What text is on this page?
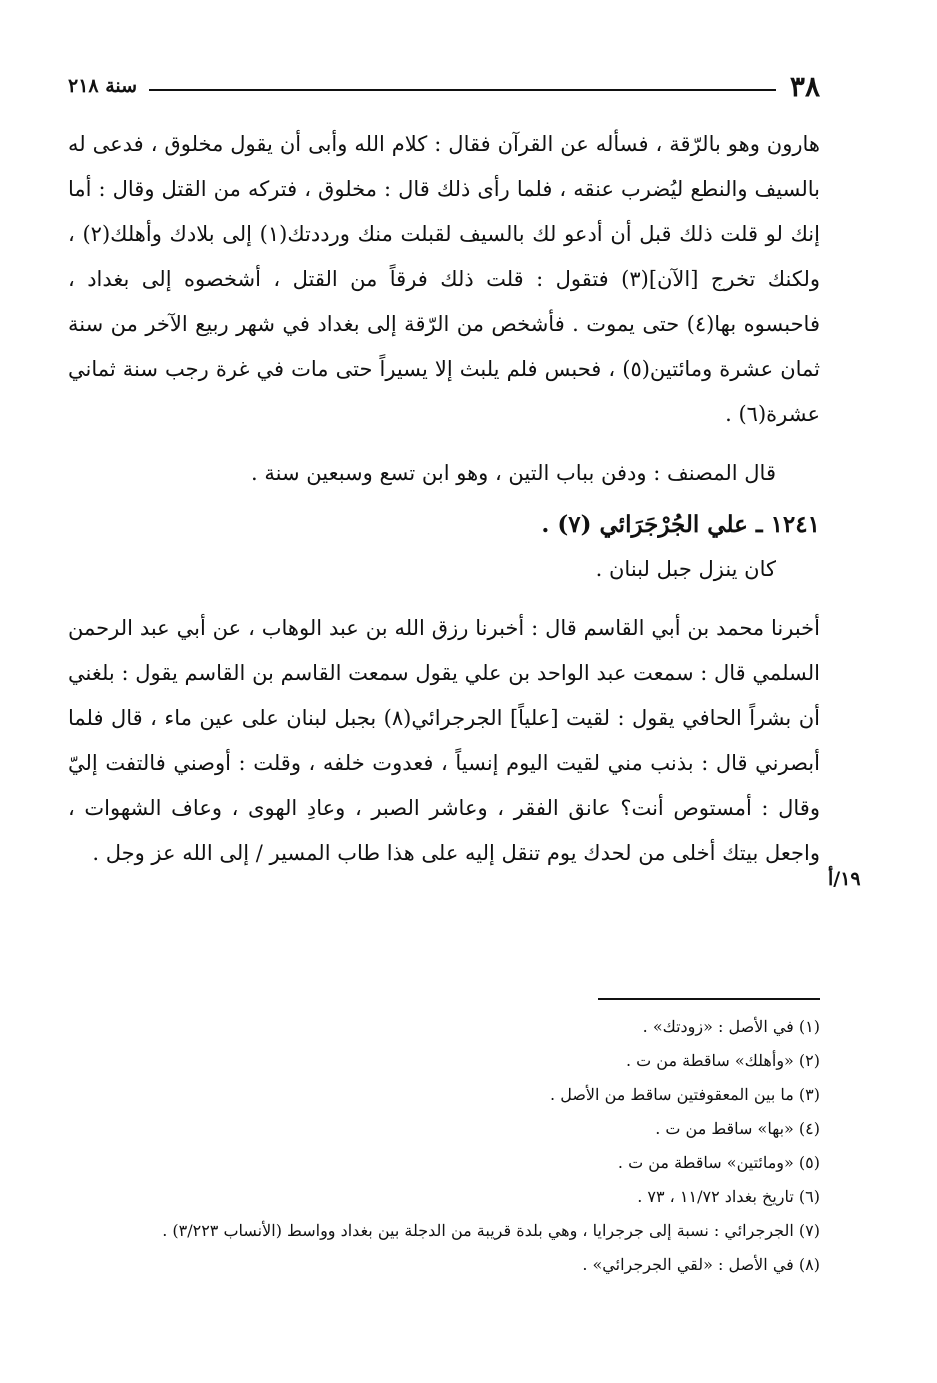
٣٨
سنة ٢١٨

هارون وهو بالرّقة ، فسأله عن القرآن فقال : كلام الله وأبى أن يقول مخلوق ، فدعى له بالسيف والنطع ليُضرب عنقه ، فلما رأى ذلك قال : مخلوق ، فتركه من القتل وقال : أما إنك لو قلت ذلك قبل أن أدعو لك بالسيف لقبلت منك ورددتك(١) إلى بلادك وأهلك(٢) ، ولكنك تخرج [الآن](٣) فتقول : قلت ذلك فرقاً من القتل ، أشخصوه إلى بغداد ، فاحبسوه بها(٤) حتى يموت . فأشخص من الرّقة إلى بغداد في شهر ربيع الآخر من سنة ثمان عشرة ومائتين(٥) ، فحبس فلم يلبث إلا يسيراً حتى مات في غرة رجب سنة ثماني عشرة(٦) .

قال المصنف : ودفن بباب التين ، وهو ابن تسع وسبعين سنة .

١٢٤١ ـ علي الجُرْجَرَائي (٧) .

كان ينزل جبل لبنان .

أخبرنا محمد بن أبي القاسم قال : أخبرنا رزق الله بن عبد الوهاب ، عن أبي عبد الرحمن السلمي قال : سمعت عبد الواحد بن علي يقول سمعت القاسم بن القاسم يقول : بلغني أن بشراً الحافي يقول : لقيت [علياً] الجرجرائي(٨) بجبل لبنان على عين ماء ، قال فلما أبصرني قال : بذنب مني لقيت اليوم إنسياً ، فعدوت خلفه ، وقلت : أوصني فالتفت إليّ وقال : أمستوص أنت؟ عانق الفقر ، وعاشر الصبر ، وعادِ الهوى ، وعاف الشهوات ، واجعل بيتك أخلى من لحدك يوم تنقل إليه على هذا طاب المسير / إلى الله عز وجل .

١٩/أ
(١) في الأصل : «زودتك» .
(٢) «وأهلك» ساقطة من ت .
(٣) ما بين المعقوفتين ساقط من الأصل .
(٤) «بها» ساقط من ت .
(٥) «ومائتين» ساقطة من ت .
(٦) تاريخ بغداد ١١/٧٢ ، ٧٣ .
(٧) الجرجرائي : نسبة إلى جرجرايا ، وهي بلدة قريبة من الدجلة بين بغداد وواسط (الأنساب ٣/٢٢٣) .
(٨) في الأصل : «لقي الجرجرائي» .
